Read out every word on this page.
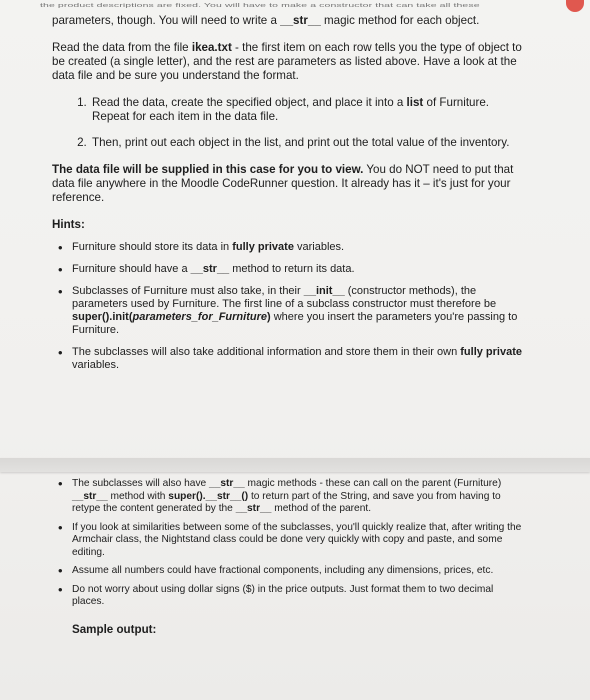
the product descriptions are fixed. You will have to make a constructor that can take all these

parameters, though. You will need to write a __str__ magic method for each object.

Read the data from the file ikea.txt - the first item on each row tells you the type of object to be created (a single letter), and the rest are parameters as listed above. Have a look at the data file and be sure you understand the format.

1. Read the data, create the specified object, and place it into a list of Furniture. Repeat for each item in the data file.
2. Then, print out each object in the list, and print out the total value of the inventory.

The data file will be supplied in this case for you to view. You do NOT need to put that data file anywhere in the Moodle CodeRunner question. It already has it – it's just for your reference.

Hints:

• Furniture should store its data in fully private variables.
• Furniture should have a __str__ method to return its data.
• Subclasses of Furniture must also take, in their __init__ (constructor methods), the parameters used by Furniture. The first line of a subclass constructor must therefore be super().init(parameters_for_Furniture) where you insert the parameters you're passing to Furniture.
• The subclasses will also take additional information and store them in their own fully private variables.
• The subclasses will also have __str__ magic methods - these can call on the parent (Furniture) __str__ method with super().__str__() to return part of the String, and save you from having to retype the content generated by the __str__ method of the parent.
• If you look at similarities between some of the subclasses, you'll quickly realize that, after writing the Armchair class, the Nightstand class could be done very quickly with copy and paste, and some editing.
• Assume all numbers could have fractional components, including any dimensions, prices, etc.
• Do not worry about using dollar signs ($) in the price outputs. Just format them to two decimal places.

Sample output:
